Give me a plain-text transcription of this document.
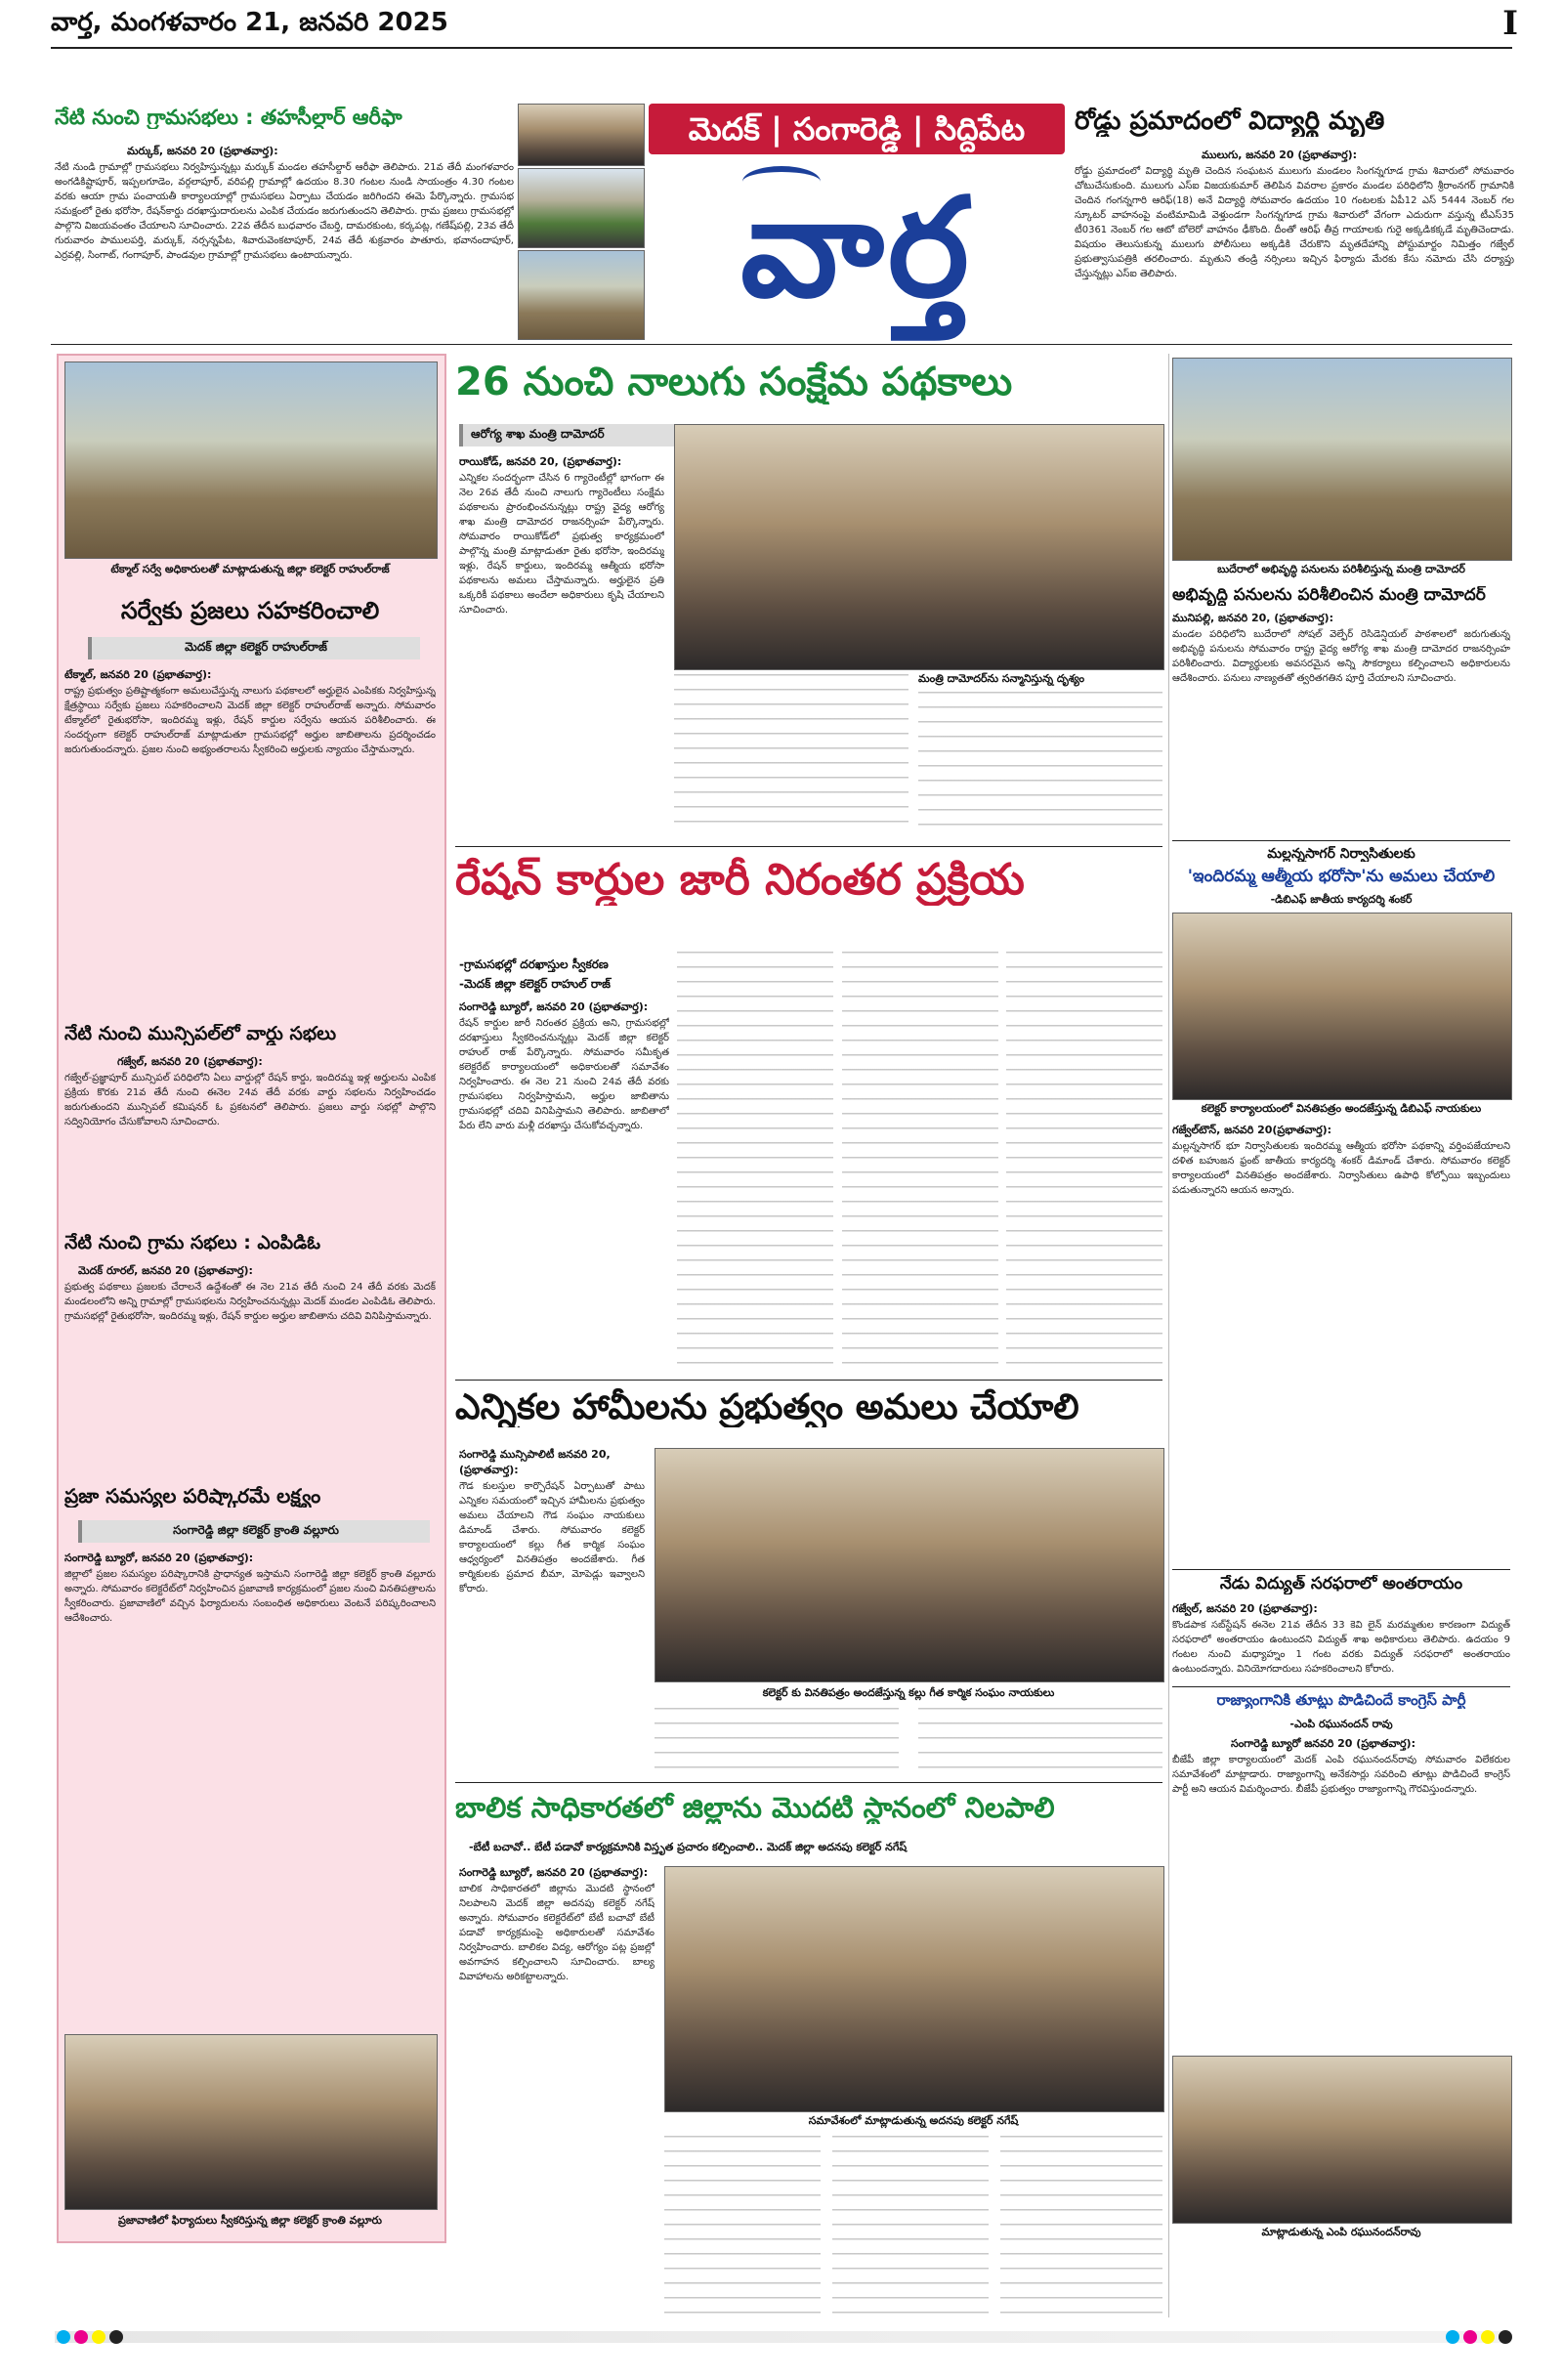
వార్త, మంగళవారం 21, జనవరి 2025	I
నేటి నుంచి గ్రామసభలు : తహసీల్దార్ ఆరీఫా
మర్కుక్, జనవరి 20 (ప్రభాతవార్త):
నేటి నుండి గ్రామాల్లో గ్రామసభలు నిర్వహిస్తున్నట్లు మర్కుక్ మండల తహసీల్దార్ ఆరీఫా తెలిపారు. 21వ తేదీ మంగళవారం అంగడికిష్టాపూర్, ఇప్పలగూడెం, వర్గలాపూర్, వరిపల్లి గ్రామాల్లో ఉదయం 8.30 గంటల నుండి సాయంత్రం 4.30 గంటల వరకు ఆయా గ్రామ పంచాయతీ కార్యాలయాల్లో గ్రామసభలు ఏర్పాటు చేయడం జరిగిందని ఈమె పేర్కొన్నారు. గ్రామసభ సమక్షంలో రైతు భరోసా, రేషన్‌కార్డు దరఖాస్తుదారులను ఎంపిక చేయడం జరుగుతుందని తెలిపారు. గ్రామ ప్రజలు గ్రామసభల్లో పాల్గొని విజయవంతం చేయాలని సూచించారు. 22వ తేదీన బుధవారం చేబర్తి, దామరకుంట, కర్కపట్ల, గణేష్‌పల్లి, 23వ తేదీ గురువారం పాములపర్తి, మర్కుక్, నర్సన్నపేట, శివారువెంకటాపూర్, 24వ తేదీ శుక్రవారం పాతూరు, భవానందాపూర్, ఎర్రవల్లి, సింగాట్, గంగాపూర్, పాండవుల గ్రామాల్లో గ్రామసభలు ఉంటాయన్నారు.
మెదక్ | సంగారెడ్డి | సిద్దిపేట
వార్త
రోడ్డు ప్రమాదంలో విద్యార్థి మృతి
ములుగు, జనవరి 20 (ప్రభాతవార్త):
రోడ్డు ప్రమాదంలో విద్యార్థి మృతి చెందిన సంఘటన ములుగు మండలం సింగన్నగూడ గ్రామ శివారులో సోమవారం చోటుచేసుకుంది. ములుగు ఎస్ఐ విజయకుమార్ తెలిపిన వివరాల ప్రకారం మండల పరిధిలోని శ్రీరాంనగర్ గ్రామానికి చెందిన గంగన్నగారి ఆరిఫ్(18) అనే విద్యార్థి సోమవారం ఉదయం 10 గంటలకు ఏపీ12 ఎస్ 5444 నెంబర్ గల స్కూటర్ వాహనంపై వంటిమామిడి వెళ్తుండగా సింగన్నగూడ గ్రామ శివారులో వేగంగా ఎదురుగా వస్తున్న టీఎస్35 టీ0361 నెంబర్ గల ఆటో బోలెరో వాహనం ఢీకొంది. దీంతో ఆరిఫ్ తీవ్ర గాయాలకు గురై అక్కడికక్కడే మృతిచెందాడు. విషయం తెలుసుకున్న ములుగు పోలీసులు అక్కడికి చేరుకొని మృతదేహాన్ని పోస్టుమార్టం నిమిత్తం గజ్వేల్ ప్రభుత్వాసుపత్రికి తరలించారు. మృతుని తండ్రి నర్సింలు ఇచ్చిన ఫిర్యాదు మేరకు కేసు నమోదు చేసి దర్యాప్తు చేస్తున్నట్లు ఎస్ఐ తెలిపారు.
టేక్మాల్ సర్వే అధికారులతో మాట్లాడుతున్న జిల్లా కలెక్టర్ రాహుల్‌రాజ్
సర్వేకు ప్రజలు సహకరించాలి
మెదక్ జిల్లా కలెక్టర్ రాహుల్‌రాజ్
టేక్మాల్, జనవరి 20 (ప్రభాతవార్త):
రాష్ట్ర ప్రభుత్వం ప్రతిష్టాత్మకంగా అమలుచేస్తున్న నాలుగు పథకాలలో అర్హులైన ఎంపికకు నిర్వహిస్తున్న క్షేత్రస్థాయి సర్వేకు ప్రజలు సహకరించాలని మెదక్ జిల్లా కలెక్టర్ రాహుల్‌రాజ్ అన్నారు. సోమవారం టేక్మాల్‌లో రైతుభరోసా, ఇందిరమ్మ ఇళ్లు, రేషన్ కార్డుల సర్వేను ఆయన పరిశీలించారు. ఈ సందర్భంగా కలెక్టర్ రాహుల్‌రాజ్ మాట్లాడుతూ గ్రామసభల్లో అర్హుల జాబితాలను ప్రదర్శించడం జరుగుతుందన్నారు. ప్రజల నుంచి అభ్యంతరాలను స్వీకరించి అర్హులకు న్యాయం చేస్తామన్నారు.
నేటి నుంచి మున్సిపల్‌లో వార్డు సభలు
గజ్వేల్, జనవరి 20 (ప్రభాతవార్త):
గజ్వేల్-ప్రజ్ఞాపూర్ మున్సిపల్ పరిధిలోని ఏలు వార్డుల్లో రేషన్ కార్డు, ఇందిరమ్మ ఇళ్ల అర్హులను ఎంపిక ప్రక్రియ కొరకు 21వ తేదీ నుంచి ఈనెల 24వ తేదీ వరకు వార్డు సభలను నిర్వహించడం జరుగుతుందని మున్సిపల్ కమిషనర్ ఓ ప్రకటనలో తెలిపారు. ప్రజలు వార్డు సభల్లో పాల్గొని సద్వినియోగం చేసుకోవాలని సూచించారు.
నేటి నుంచి గ్రామ సభలు : ఎంపిడిఓ
మెదక్ రూరల్, జనవరి 20 (ప్రభాతవార్త):
ప్రభుత్వ పథకాలు ప్రజలకు చేరాలనే ఉద్దేశంతో ఈ నెల 21వ తేదీ నుంచి 24 తేదీ వరకు మెదక్ మండలంలోని అన్ని గ్రామాల్లో గ్రామసభలను నిర్వహించనున్నట్లు మెదక్ మండల ఎంపిడిఓ తెలిపారు. గ్రామసభల్లో రైతుభరోసా, ఇందిరమ్మ ఇళ్లు, రేషన్ కార్డుల అర్హుల జాబితాను చదివి వినిపిస్తామన్నారు.
ప్రజా సమస్యల పరిష్కారమే లక్ష్యం
సంగారెడ్డి జిల్లా కలెక్టర్ క్రాంతి వల్లూరు
సంగారెడ్డి బ్యూరో, జనవరి 20 (ప్రభాతవార్త):
జిల్లాలో ప్రజల సమస్యల పరిష్కారానికి ప్రాధాన్యత ఇస్తామని సంగారెడ్డి జిల్లా కలెక్టర్ క్రాంతి వల్లూరు అన్నారు. సోమవారం కలెక్టరేట్‌లో నిర్వహించిన ప్రజావాణి కార్యక్రమంలో ప్రజల నుంచి వినతిపత్రాలను స్వీకరించారు. ప్రజావాణిలో వచ్చిన ఫిర్యాదులను సంబంధిత అధికారులు వెంటనే పరిష్కరించాలని ఆదేశించారు.
ప్రజావాణిలో ఫిర్యాదులు స్వీకరిస్తున్న జిల్లా కలెక్టర్ క్రాంతి వల్లూరు
26 నుంచి నాలుగు సంక్షేమ పథకాలు
ఆరోగ్య శాఖ మంత్రి దామోదర్
రాయికోడ్, జనవరి 20, (ప్రభాతవార్త):
ఎన్నికల సందర్భంగా చేసిన 6 గ్యారెంటీల్లో భాగంగా ఈ నెల 26వ తేదీ నుంచి నాలుగు గ్యారెంటీలు సంక్షేమ పథకాలను ప్రారంభించనున్నట్లు రాష్ట్ర వైద్య ఆరోగ్య శాఖ మంత్రి దామోదర రాజనర్సింహ పేర్కొన్నారు. సోమవారం రాయికోడ్‌లో ప్రభుత్వ కార్యక్రమంలో పాల్గొన్న మంత్రి మాట్లాడుతూ రైతు భరోసా, ఇందిరమ్మ ఇళ్లు, రేషన్ కార్డులు, ఇందిరమ్మ ఆత్మీయ భరోసా పథకాలను అమలు చేస్తామన్నారు. అర్హులైన ప్రతి ఒక్కరికీ పథకాలు అందేలా అధికారులు కృషి చేయాలని సూచించారు.
మంత్రి దామోదర్‌ను సన్మానిస్తున్న దృశ్యం
రేషన్ కార్డుల జారీ నిరంతర ప్రక్రియ
-గ్రామసభల్లో దరఖాస్తుల స్వీకరణ
-మెదక్ జిల్లా కలెక్టర్ రాహుల్ రాజ్
సంగారెడ్డి బ్యూరో, జనవరి 20 (ప్రభాతవార్త):
రేషన్ కార్డుల జారీ నిరంతర ప్రక్రియ అని, గ్రామసభల్లో దరఖాస్తులు స్వీకరించనున్నట్లు మెదక్ జిల్లా కలెక్టర్ రాహుల్ రాజ్ పేర్కొన్నారు. సోమవారం సమీకృత కలెక్టరేట్ కార్యాలయంలో అధికారులతో సమావేశం నిర్వహించారు. ఈ నెల 21 నుంచి 24వ తేదీ వరకు గ్రామసభలు నిర్వహిస్తామని, అర్హుల జాబితాను గ్రామసభల్లో చదివి వినిపిస్తామని తెలిపారు. జాబితాలో పేరు లేని వారు మళ్లీ దరఖాస్తు చేసుకోవచ్చన్నారు.
ఎన్నికల హామీలను ప్రభుత్వం అమలు చేయాలి
సంగారెడ్డి మున్సిపాలిటీ జనవరి 20, (ప్రభాతవార్త):
గౌడ కులస్తుల కార్పొరేషన్ ఏర్పాటుతో పాటు ఎన్నికల సమయంలో ఇచ్చిన హామీలను ప్రభుత్వం అమలు చేయాలని గౌడ సంఘం నాయకులు డిమాండ్ చేశారు. సోమవారం కలెక్టర్ కార్యాలయంలో కల్లు గీత కార్మిక సంఘం ఆధ్వర్యంలో వినతిపత్రం అందజేశారు. గీత కార్మికులకు ప్రమాద బీమా, మోపెడ్లు ఇవ్వాలని కోరారు.
కలెక్టర్ కు వినతిపత్రం అందజేస్తున్న కల్లు గీత కార్మిక సంఘం నాయకులు
బాలిక సాధికారతలో జిల్లాను మొదటి స్థానంలో నిలపాలి
-బేటీ బచావో.. బేటీ పడావో కార్యక్రమానికి విస్తృత ప్రచారం కల్పించాలి.. మెదక్ జిల్లా అదనపు కలెక్టర్ నగేష్
సంగారెడ్డి బ్యూరో, జనవరి 20 (ప్రభాతవార్త):
బాలిక సాధికారతలో జిల్లాను మొదటి స్థానంలో నిలపాలని మెదక్ జిల్లా అదనపు కలెక్టర్ నగేష్ అన్నారు. సోమవారం కలెక్టరేట్‌లో బేటీ బచావో బేటీ పడావో కార్యక్రమంపై అధికారులతో సమావేశం నిర్వహించారు. బాలికల విద్య, ఆరోగ్యం పట్ల ప్రజల్లో అవగాహన కల్పించాలని సూచించారు. బాల్య వివాహాలను అరికట్టాలన్నారు.
సమావేశంలో మాట్లాడుతున్న అదనపు కలెక్టర్ నగేష్
బుదేరాలో అభివృద్ధి పనులను పరిశీలిస్తున్న మంత్రి దామోదర్
అభివృద్ధి పనులను పరిశీలించిన మంత్రి దామోదర్
మునిపల్లి, జనవరి 20, (ప్రభాతవార్త):
మండల పరిధిలోని బుదేరాలో సోషల్ వెల్ఫేర్ రెసిడెన్షియల్ పాఠశాలలో జరుగుతున్న అభివృద్ధి పనులను సోమవారం రాష్ట్ర వైద్య ఆరోగ్య శాఖ మంత్రి దామోదర రాజనర్సింహ పరిశీలించారు. విద్యార్థులకు అవసరమైన అన్ని సౌకర్యాలు కల్పించాలని అధికారులను ఆదేశించారు. పనులు నాణ్యతతో త్వరితగతిన పూర్తి చేయాలని సూచించారు.
మల్లన్నసాగర్ నిర్వాసితులకు
'ఇందిరమ్మ ఆత్మీయ భరోసా'ను అమలు చేయాలి
-డిబిఎఫ్ జాతీయ కార్యదర్శి శంకర్
కలెక్టర్ కార్యాలయంలో వినతిపత్రం అందజేస్తున్న డిబిఎఫ్ నాయకులు
గజ్వేల్‌టౌన్, జనవరి 20(ప్రభాతవార్త):
మల్లన్నసాగర్ భూ నిర్వాసితులకు ఇందిరమ్మ ఆత్మీయ భరోసా పథకాన్ని వర్తింపజేయాలని దళిత బహుజన ఫ్రంట్ జాతీయ కార్యదర్శి శంకర్ డిమాండ్ చేశారు. సోమవారం కలెక్టర్ కార్యాలయంలో వినతిపత్రం అందజేశారు. నిర్వాసితులు ఉపాధి కోల్పోయి ఇబ్బందులు పడుతున్నారని ఆయన అన్నారు.
నేడు విద్యుత్ సరఫరాలో అంతరాయం
గజ్వేల్, జనవరి 20 (ప్రభాతవార్త):
కొండపాక సబ్‌స్టేషన్ ఈనెల 21వ తేదీన 33 కెవి లైన్ మరమ్మతుల కారణంగా విద్యుత్ సరఫరాలో అంతరాయం ఉంటుందని విద్యుత్ శాఖ అధికారులు తెలిపారు. ఉదయం 9 గంటల నుంచి మధ్యాహ్నం 1 గంట వరకు విద్యుత్ సరఫరాలో అంతరాయం ఉంటుందన్నారు. వినియోగదారులు సహకరించాలని కోరారు.
రాజ్యాంగానికి తూట్లు పొడిచిందే కాంగ్రెస్ పార్టీ
-ఎంపి రఘునందన్ రావు
సంగారెడ్డి బ్యూరో జనవరి 20 (ప్రభాతవార్త):
బీజేపీ జిల్లా కార్యాలయంలో మెదక్ ఎంపి రఘునందన్‌రావు సోమవారం విలేకరుల సమావేశంలో మాట్లాడారు. రాజ్యాంగాన్ని అనేకసార్లు సవరించి తూట్లు పొడిచిందే కాంగ్రెస్ పార్టీ అని ఆయన విమర్శించారు. బీజేపీ ప్రభుత్వం రాజ్యాంగాన్ని గౌరవిస్తుందన్నారు.
మాట్లాడుతున్న ఎంపి రఘునందన్‌రావు
